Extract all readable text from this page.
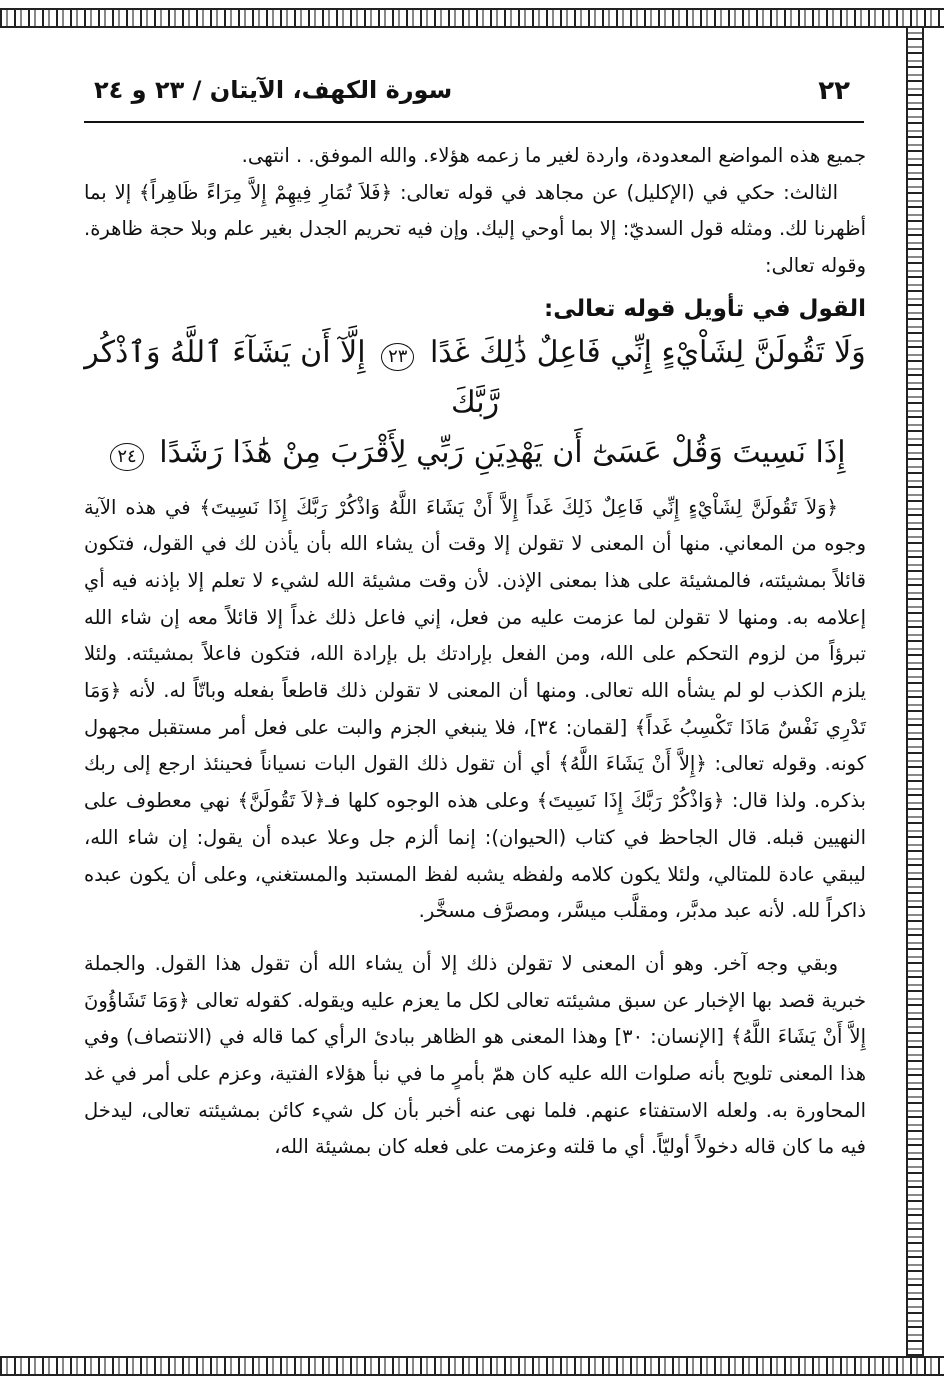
٢٢
سورة الكهف، الآيتان / ٢٣ و ٢٤

جميع هذه المواضع المعدودة، واردة لغير ما زعمه هؤلاء. والله الموفق. . انتهى.

الثالث: حكي في (الإكليل) عن مجاهد في قوله تعالى: ﴿فَلاَ تُمَارِ فِيهِمْ إِلاَّ مِرَاءً ظَاهِراً﴾ إلا بما أظهرنا لك. ومثله قول السديّ: إلا بما أوحي إليك. وإن فيه تحريم الجدل بغير علم وبلا حجة ظاهرة. وقوله تعالى:

القول في تأويل قوله تعالى:

وَلَا تَقُولَنَّ لِشَاْيْءٍ إِنِّي فَاعِلٌ ذَٰلِكَ غَدًا ٢٣ إِلَّآ أَن يَشَآءَ ٱللَّهُ وَٱذْكُر رَّبَّكَ
إِذَا نَسِيتَ وَقُلْ عَسَىٰٓ أَن يَهْدِيَنِ رَبِّي لِأَقْرَبَ مِنْ هَٰذَا رَشَدًا ٢٤

﴿وَلاَ تَقُولَنَّ لِشَاْيْءٍ إِنِّي فَاعِلٌ ذَلِكَ غَداً إِلاَّ أَنْ يَشَاءَ اللَّهُ وَاذْكُرْ رَبَّكَ إِذَا نَسِيتَ﴾ في هذه الآية وجوه من المعاني. منها أن المعنى لا تقولن إلا وقت أن يشاء الله بأن يأذن لك في القول، فتكون قائلاً بمشيئته، فالمشيئة على هذا بمعنى الإذن. لأن وقت مشيئة الله لشيء لا تعلم إلا بإذنه فيه أي إعلامه به. ومنها لا تقولن لما عزمت عليه من فعل، إني فاعل ذلك غداً إلا قائلاً معه إن شاء الله تبرؤاً من لزوم التحكم على الله، ومن الفعل بإرادتك بل بإرادة الله، فتكون فاعلاً بمشيئته. ولئلا يلزم الكذب لو لم يشأه الله تعالى. ومنها أن المعنى لا تقولن ذلك قاطعاً بفعله وباتّاً له. لأنه ﴿وَمَا تَدْرِي نَفْسٌ مَاذَا تَكْسِبُ غَداً﴾ [لقمان: ٣٤]، فلا ينبغي الجزم والبت على فعل أمر مستقبل مجهول كونه. وقوله تعالى: ﴿إِلاَّ أَنْ يَشَاءَ اللَّهُ﴾ أي أن تقول ذلك القول البات نسياناً فحينئذ ارجع إلى ربك بذكره. ولذا قال: ﴿وَاذْكُرْ رَبَّكَ إِذَا نَسِيتَ﴾ وعلى هذه الوجوه كلها فـ﴿لاَ تَقُولَنَّ﴾ نهي معطوف على النهيين قبله. قال الجاحظ في كتاب (الحيوان): إنما ألزم جل وعلا عبده أن يقول: إن شاء الله، ليبقي عادة للمتالي، ولئلا يكون كلامه ولفظه يشبه لفظ المستبد والمستغني، وعلى أن يكون عبده ذاكراً لله. لأنه عبد مدبَّر، ومقلَّب ميسَّر، ومصرَّف مسخَّر.

وبقي وجه آخر. وهو أن المعنى لا تقولن ذلك إلا أن يشاء الله أن تقول هذا القول. والجملة خبرية قصد بها الإخبار عن سبق مشيئته تعالى لكل ما يعزم عليه ويقوله. كقوله تعالى ﴿وَمَا تَشَاؤُونَ إِلاَّ أَنْ يَشَاءَ اللَّهُ﴾ [الإنسان: ٣٠] وهذا المعنى هو الظاهر ببادئ الرأي كما قاله في (الانتصاف) وفي هذا المعنى تلويح بأنه صلوات الله عليه كان همّ بأمرٍ ما في نبأ هؤلاء الفتية، وعزم على أمر في غد المحاورة به. ولعله الاستفتاء عنهم. فلما نهى عنه أخبر بأن كل شيء كائن بمشيئته تعالى، ليدخل فيه ما كان قاله دخولاً أوليّاً. أي ما قلته وعزمت على فعله كان بمشيئة الله،
